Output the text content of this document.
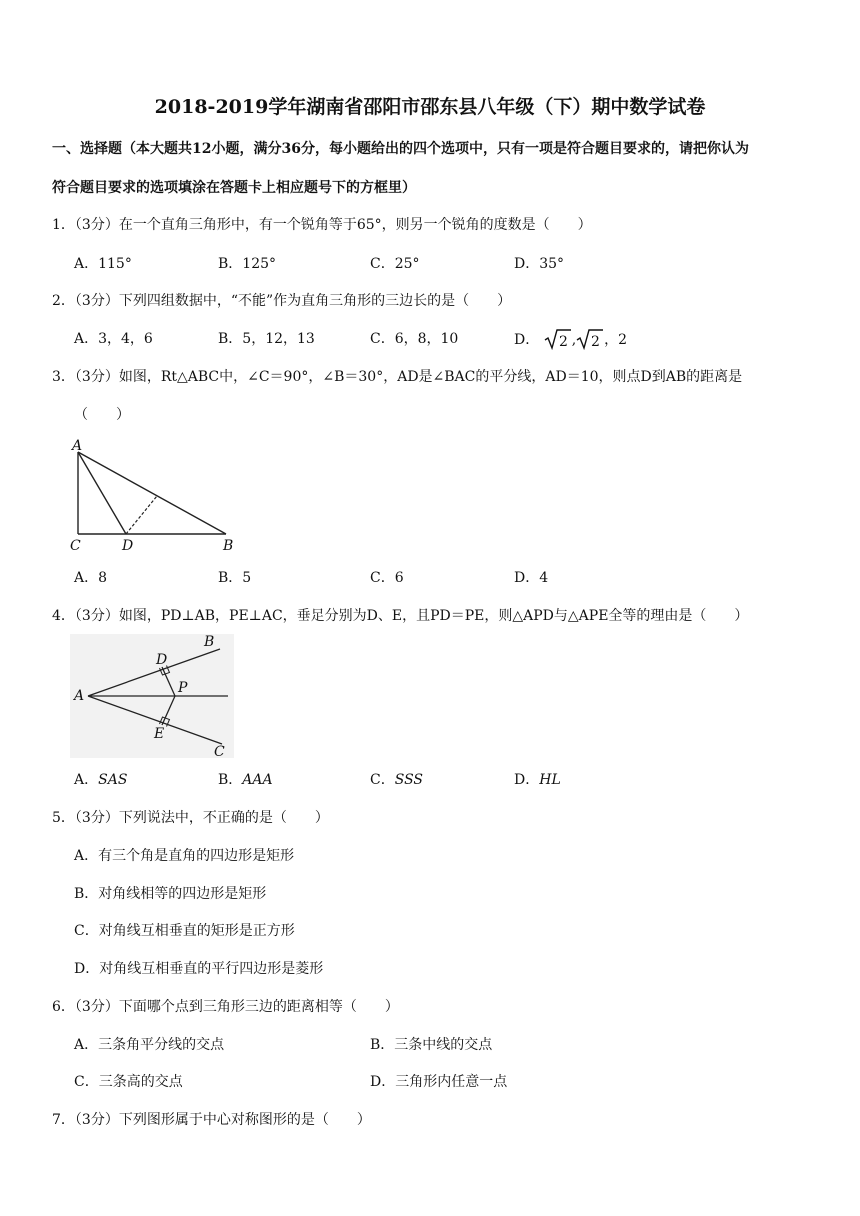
2018-2019学年湖南省邵阳市邵东县八年级（下）期中数学试卷
一、选择题（本大题共12小题，满分36分，每小题给出的四个选项中，只有一项是符合题目要求的，请把你认为
符合题目要求的选项填涂在答题卡上相应题号下的方框里）
1．（3分）在一个直角三角形中，有一个锐角等于65°，则另一个锐角的度数是（　　）
A．115°	B．125°	C．25°	D．35°
2．（3分）下列四组数据中，“不能”作为直角三角形的三边长的是（　　）
A．3，4，6	B．5，12，13	C．6，8，10	D． 2 , 2 ，2
3．（3分）如图，Rt△ABC中，∠C＝90°，∠B＝30°，AD是∠BAC的平分线，AD＝10，则点D到AB的距离是
（　　）
A
C	D	B
A．8	B．5	C．6	D．4
4．（3分）如图，PD⊥AB，PE⊥AC，垂足分别为D、E，且PD＝PE，则△APD与△APE全等的理由是（　　）
A
B
C
D
E
P
A．SAS	B．AAA	C．SSS	D．HL
5．（3分）下列说法中，不正确的是（　　）
A．有三个角是直角的四边形是矩形
B．对角线相等的四边形是矩形
C．对角线互相垂直的矩形是正方形
D．对角线互相垂直的平行四边形是菱形
6．（3分）下面哪个点到三角形三边的距离相等（　　）
A．三条角平分线的交点	B．三条中线的交点
C．三条高的交点	D．三角形内任意一点
7．（3分）下列图形属于中心对称图形的是（　　）
